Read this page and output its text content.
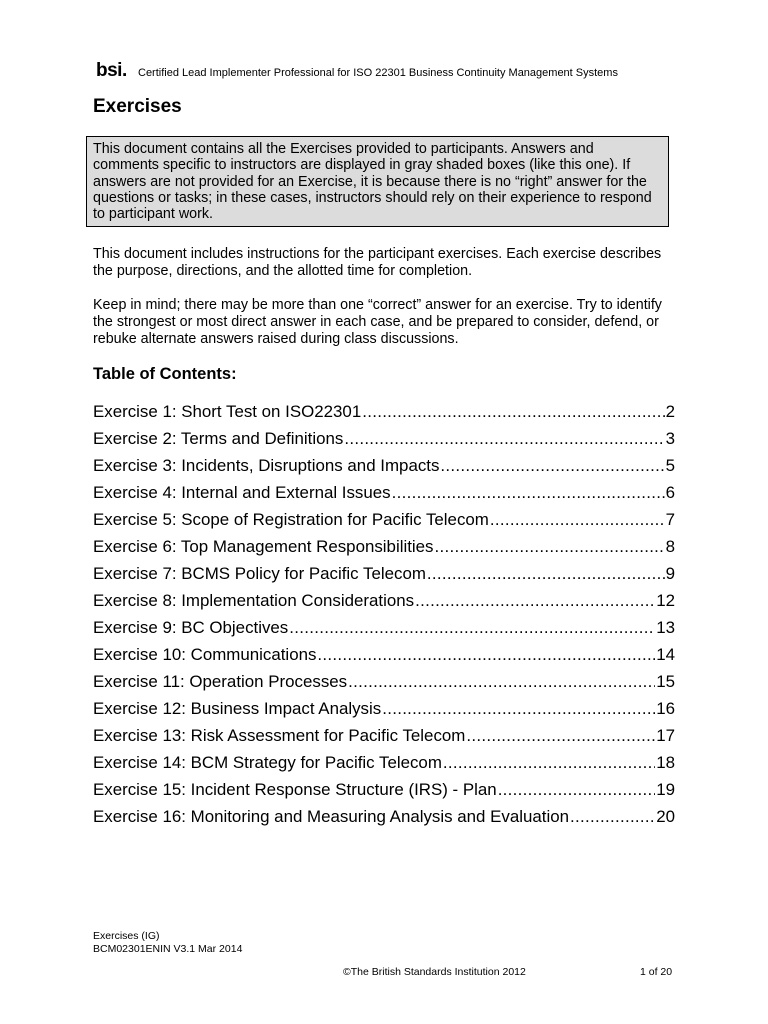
bsi. Certified Lead Implementer Professional for ISO 22301 Business Continuity Management Systems
Exercises
This document contains all the Exercises provided to participants. Answers and comments specific to instructors are displayed in gray shaded boxes (like this one). If answers are not provided for an Exercise, it is because there is no “right” answer for the questions or tasks; in these cases, instructors should rely on their experience to respond to participant work.

This document includes instructions for the participant exercises. Each exercise describes the purpose, directions, and the allotted time for completion.

Keep in mind; there may be more than one “correct” answer for an exercise. Try to identify the strongest or most direct answer in each case, and be prepared to consider, defend, or rebuke alternate answers raised during class discussions.

Table of Contents:
Exercise 1: Short Test on ISO22301 .....	2
Exercise 2: Terms and Definitions .....	3
Exercise 3: Incidents, Disruptions and Impacts .....	5
Exercise 4: Internal and External Issues .....	6
Exercise 5: Scope of Registration for Pacific Telecom .....	7
Exercise 6: Top Management Responsibilities .....	8
Exercise 7: BCMS Policy for Pacific Telecom .....	9
Exercise 8: Implementation Considerations .....	12
Exercise 9: BC Objectives .....	13
Exercise 10: Communications .....	14
Exercise 11: Operation Processes .....	15
Exercise 12: Business Impact Analysis .....	16
Exercise 13: Risk Assessment for Pacific Telecom .....	17
Exercise 14: BCM Strategy for Pacific Telecom .....	18
Exercise 15: Incident Response Structure (IRS) - Plan .....	19
Exercise 16: Monitoring and Measuring Analysis and Evaluation .....	20
Exercises (IG)
BCM02301ENIN V3.1 Mar 2014
©The British Standards Institution 2012	1 of 20
